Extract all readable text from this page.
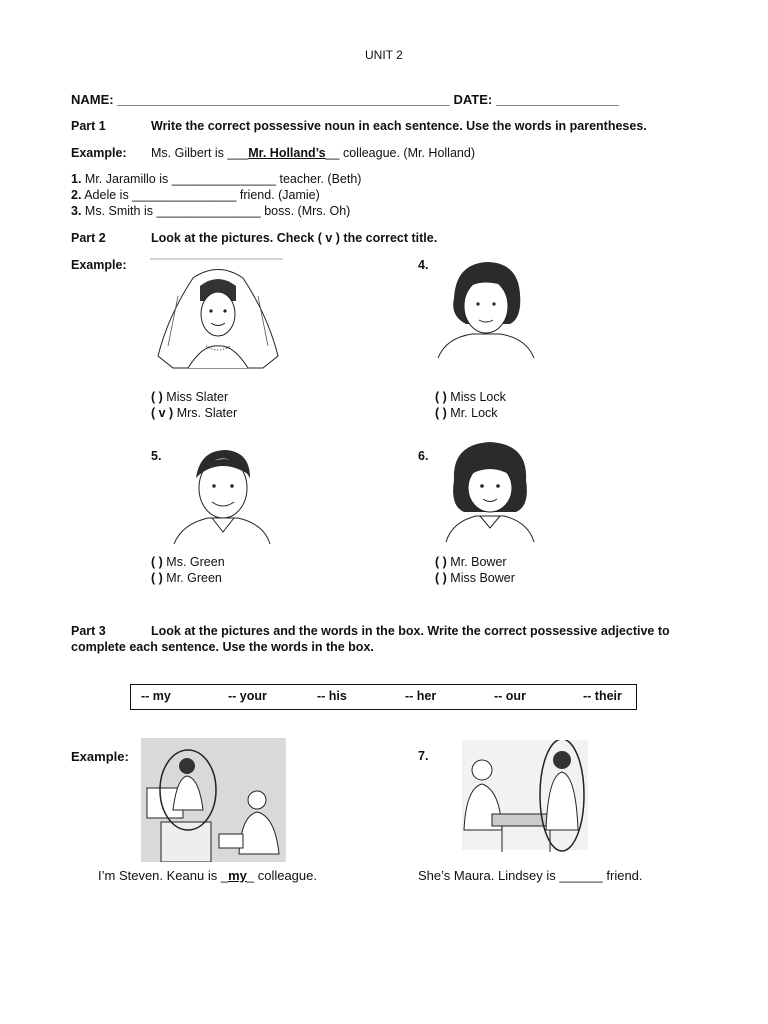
UNIT 2
NAME: ______________________________________________ DATE: _________________
Part 1	Write the correct possessive noun in each sentence. Use the words in parentheses.
Example: Ms. Gilbert is ___Mr. Holland’s__ colleague. (Mr. Holland)
1. Mr. Jaramillo is _______________ teacher. (Beth)
2. Adele is _______________ friend. (Jamie)
3. Ms. Smith is _______________ boss. (Mrs. Oh)
Part 2	Look at the pictures. Check ( v ) the correct title.
Example:	4.
( ) Miss Slater
( v ) Mrs. Slater
( ) Miss Lock
( ) Mr. Lock
5.	6.
( ) Ms. Green
( ) Mr. Green
( ) Mr. Bower
( ) Miss Bower
Part 3	Look at the pictures and the words in the box. Write the correct possessive adjective to
complete each sentence. Use the words in the box.
-- my	-- your	-- his	-- her	-- our	-- their
Example:	7.
I’m Steven. Keanu is _my_ colleague.	She’s Maura. Lindsey is ______ friend.
